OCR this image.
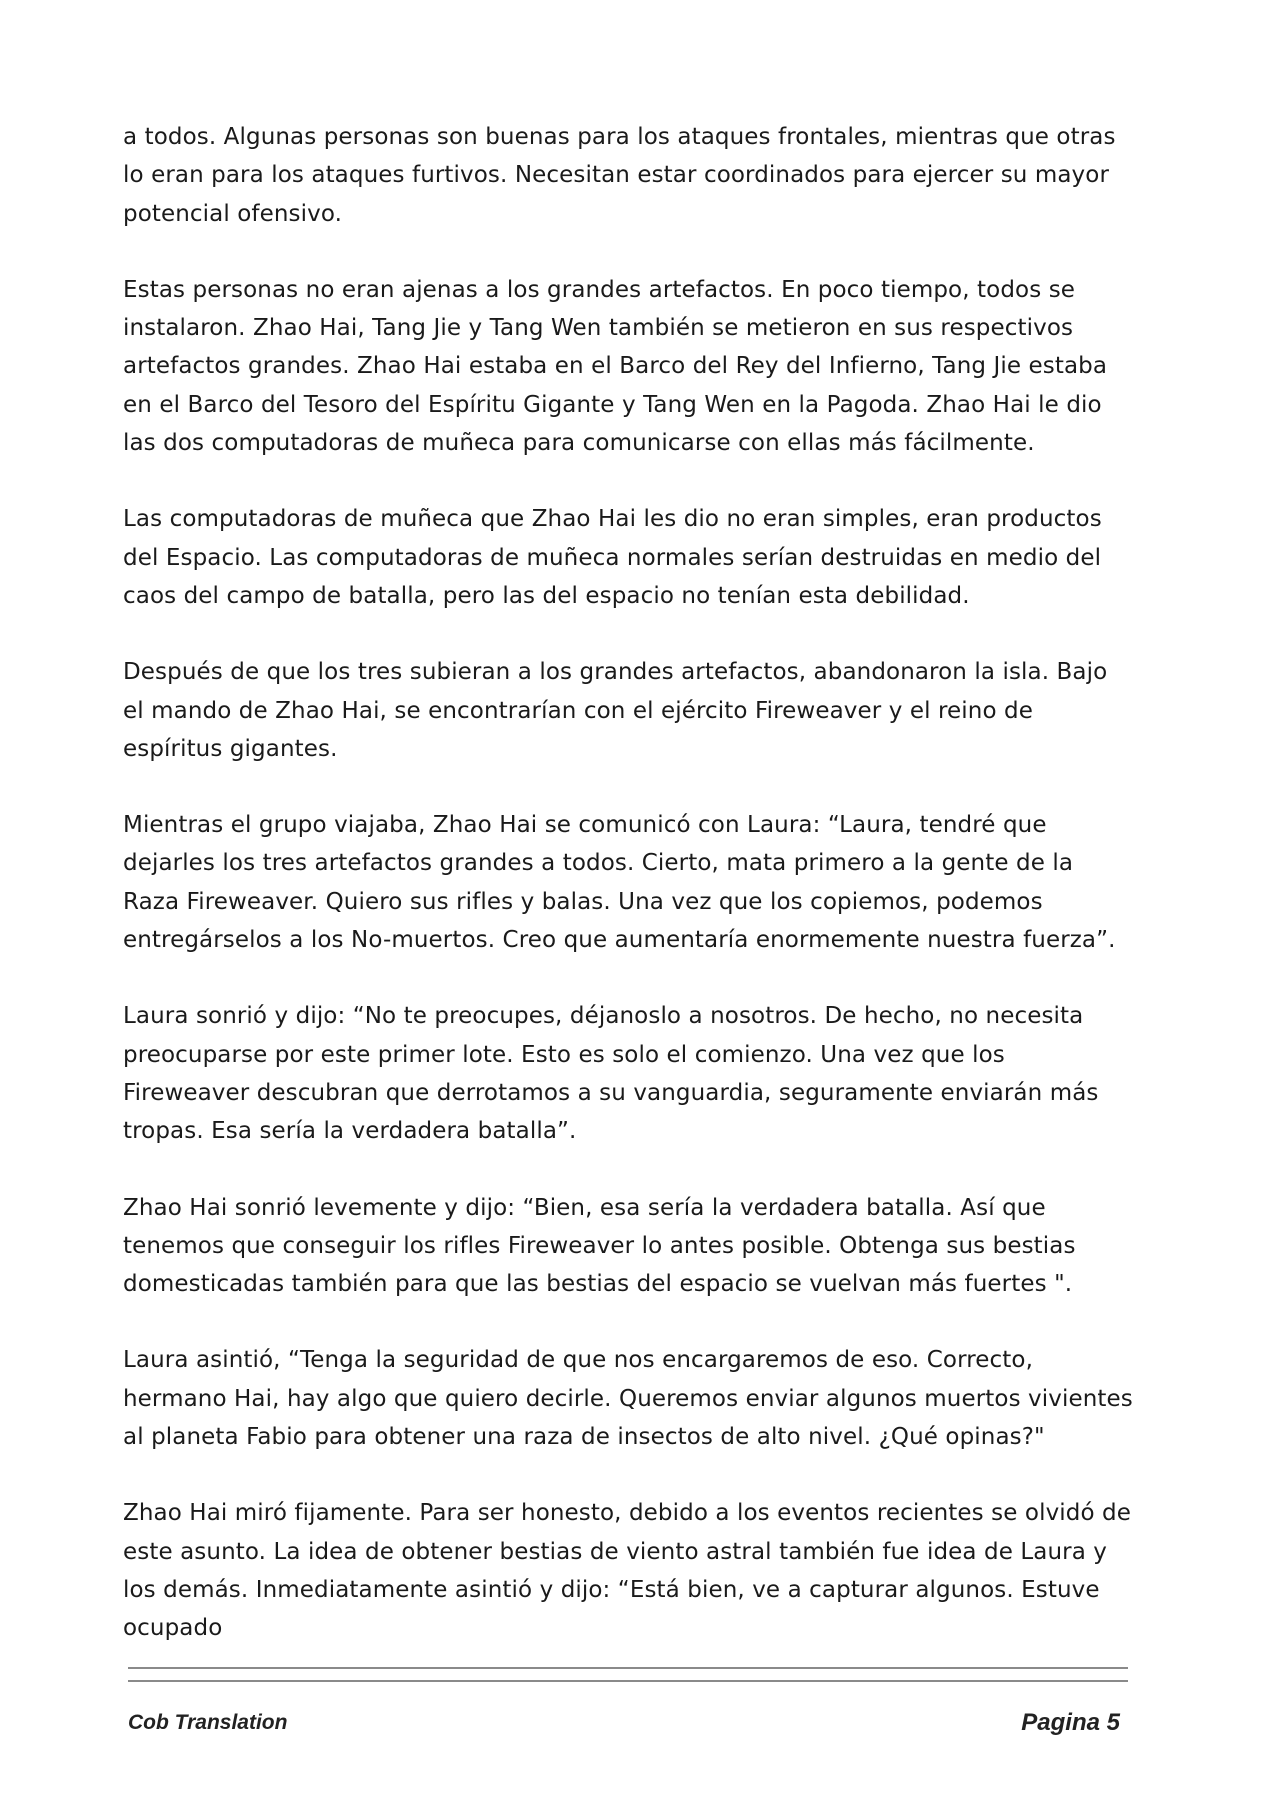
a todos. Algunas personas son buenas para los ataques frontales, mientras que otras lo eran para los ataques furtivos. Necesitan estar coordinados para ejercer su mayor potencial ofensivo.

Estas personas no eran ajenas a los grandes artefactos. En poco tiempo, todos se instalaron. Zhao Hai, Tang Jie y Tang Wen también se metieron en sus respectivos artefactos grandes. Zhao Hai estaba en el Barco del Rey del Infierno, Tang Jie estaba en el Barco del Tesoro del Espíritu Gigante y Tang Wen en la Pagoda. Zhao Hai le dio las dos computadoras de muñeca para comunicarse con ellas más fácilmente.

Las computadoras de muñeca que Zhao Hai les dio no eran simples, eran productos del Espacio. Las computadoras de muñeca normales serían destruidas en medio del caos del campo de batalla, pero las del espacio no tenían esta debilidad.

Después de que los tres subieran a los grandes artefactos, abandonaron la isla. Bajo el mando de Zhao Hai, se encontrarían con el ejército Fireweaver y el reino de espíritus gigantes.

Mientras el grupo viajaba, Zhao Hai se comunicó con Laura: “Laura, tendré que dejarles los tres artefactos grandes a todos. Cierto, mata primero a la gente de la Raza Fireweaver. Quiero sus rifles y balas. Una vez que los copiemos, podemos entregárselos a los No-muertos. Creo que aumentaría enormemente nuestra fuerza”.

Laura sonrió y dijo: “No te preocupes, déjanoslo a nosotros. De hecho, no necesita preocuparse por este primer lote. Esto es solo el comienzo. Una vez que los Fireweaver descubran que derrotamos a su vanguardia, seguramente enviarán más tropas. Esa sería la verdadera batalla”.

Zhao Hai sonrió levemente y dijo: “Bien, esa sería la verdadera batalla. Así que tenemos que conseguir los rifles Fireweaver lo antes posible. Obtenga sus bestias domesticadas también para que las bestias del espacio se vuelvan más fuertes ".

Laura asintió, “Tenga la seguridad de que nos encargaremos de eso. Correcto, hermano Hai, hay algo que quiero decirle. Queremos enviar algunos muertos vivientes al planeta Fabio para obtener una raza de insectos de alto nivel. ¿Qué opinas?"

Zhao Hai miró fijamente. Para ser honesto, debido a los eventos recientes se olvidó de este asunto. La idea de obtener bestias de viento astral también fue idea de Laura y los demás. Inmediatamente asintió y dijo: “Está bien, ve a capturar algunos. Estuve ocupado

Cob Translation	Pagina 5
